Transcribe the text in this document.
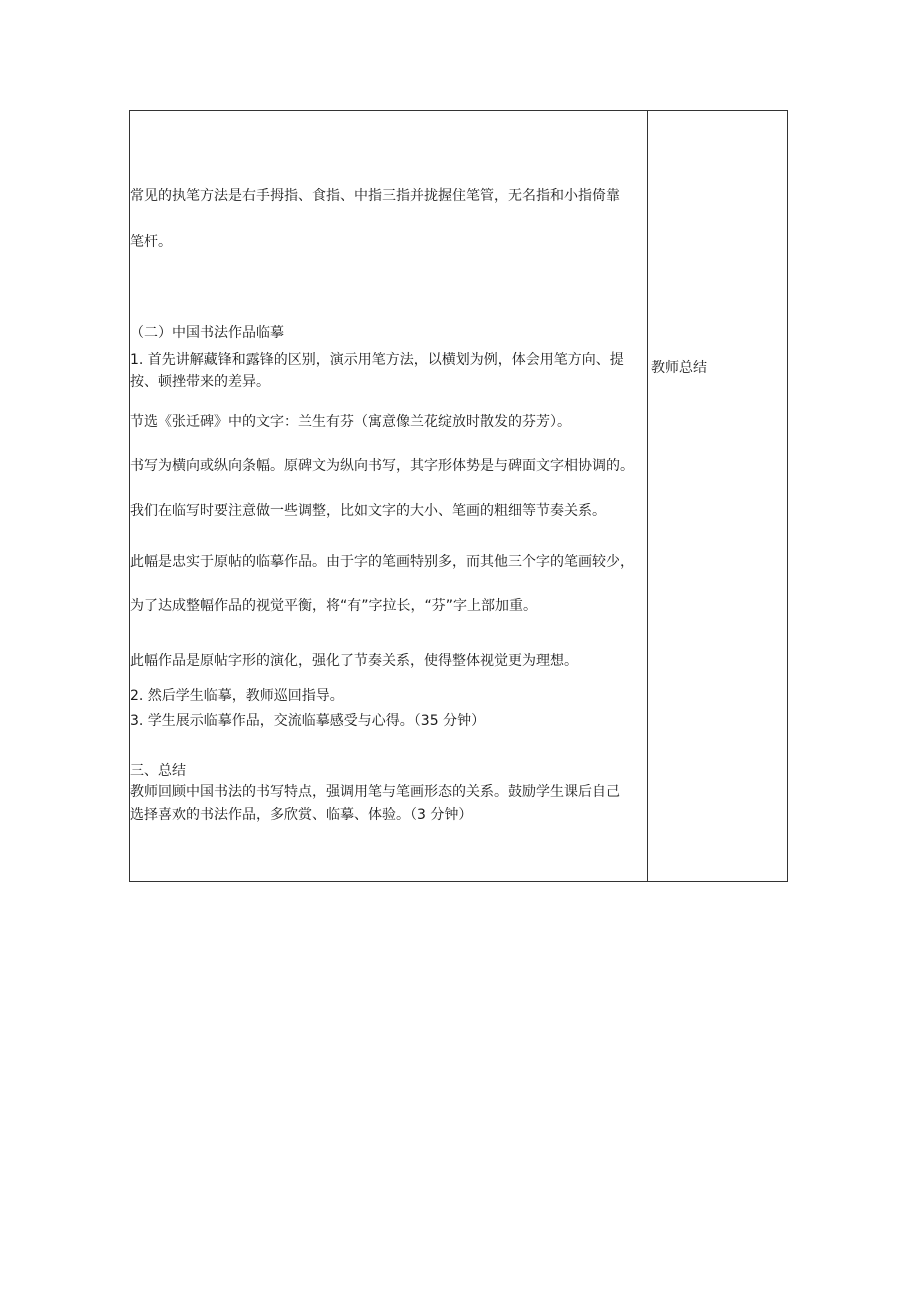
常见的执笔方法是右手拇指、食指、中指三指并拢握住笔管，无名指和小指倚靠
笔杆。
（二）中国书法作品临摹
1. 首先讲解藏锋和露锋的区别，演示用笔方法，以横划为例，体会用笔方向、提
按、顿挫带来的差异。
节选《张迁碑》中的文字：兰生有芬（寓意像兰花绽放时散发的芬芳）。
书写为横向或纵向条幅。原碑文为纵向书写，其字形体势是与碑面文字相协调的。
我们在临写时要注意做一些调整，比如文字的大小、笔画的粗细等节奏关系。
此幅是忠实于原帖的临摹作品。由于字的笔画特别多，而其他三个字的笔画较少，
为了达成整幅作品的视觉平衡，将“有”字拉长，“芬”字上部加重。
此幅作品是原帖字形的演化，强化了节奏关系，使得整体视觉更为理想。
2. 然后学生临摹，教师巡回指导。
3. 学生展示临摹作品，交流临摹感受与心得。（35 分钟）
三、总结
教师回顾中国书法的书写特点，强调用笔与笔画形态的关系。鼓励学生课后自己
选择喜欢的书法作品，多欣赏、临摹、体验。（3 分钟）
教师总结
